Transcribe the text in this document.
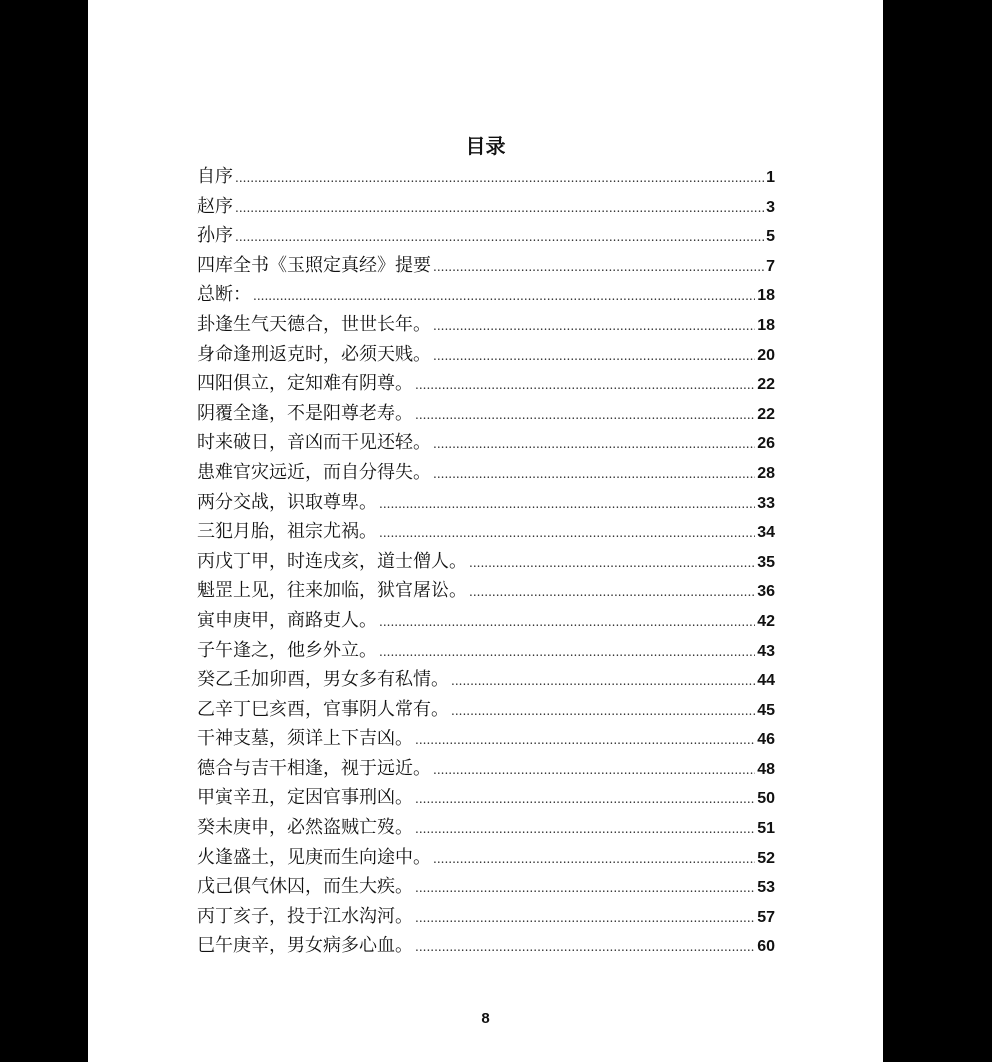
目录
自序 .....	1
赵序 .....	3
孙序 .....	5
四库全书《玉照定真经》提要 .....	7
总断： .....	18
卦逢生气天德合，世世长年。 .....	18
身命逢刑返克时，必须天贱。 .....	20
四阳俱立，定知难有阴尊。 .....	22
阴覆全逢，不是阳尊老寿。 .....	22
时来破日，音凶而干见还轻。 .....	26
患难官灾远近，而自分得失。 .....	28
两分交战，识取尊卑。 .....	33
三犯月胎，祖宗尤祸。 .....	34
丙戊丁甲，时连戌亥，道士僧人。 .....	35
魁罡上见，往来加临，狱官屠讼。 .....	36
寅申庚甲，商路吏人。 .....	42
子午逢之，他乡外立。 .....	43
癸乙壬加卯酉，男女多有私情。 .....	44
乙辛丁巳亥酉，官事阴人常有。 .....	45
干神支墓，须详上下吉凶。 .....	46
德合与吉干相逢，视于远近。 .....	48
甲寅辛丑，定因官事刑凶。 .....	50
癸未庚申，必然盗贼亡歿。 .....	51
火逢盛土，见庚而生向途中。 .....	52
戊己俱气休囚，而生大疾。 .....	53
丙丁亥子，投于江水沟河。 .....	57
巳午庚辛，男女病多心血。 .....	60
8
